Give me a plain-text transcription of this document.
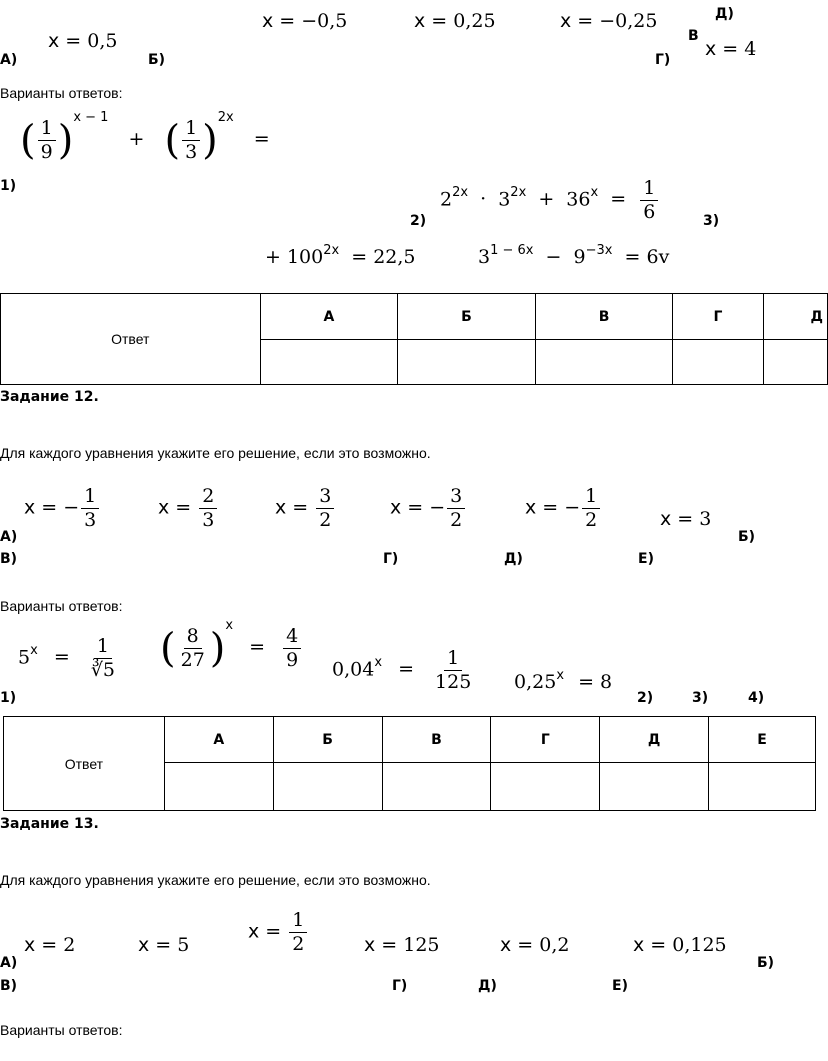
x = 0,5
x = −0,5	x = 0,25	x = −0,25
x = 4
А)	Б)
В
Г)
Д)
Варианты ответов:
( $\frac{1}{9} )^{x - 1}$ + ( $\frac{1}{3} )^{2x}$ =
1)
$2^{2x} \cdot 3^{2x} + 36^x = \frac{1}{6}$
2)	3)
+ $100^{2x} = 22,5$	$3^{1 - 6x} - 9^{-3x} = 6v$
Ответ	А	Б	В	Г	Д

Задание 12.
Для каждого уравнения укажите его решение, если это возможно.
x = − $\frac{1}{3}$	$x = \frac{2}{3}$	$x = \frac{3}{2}$	x = − $\frac{3}{2}$	x = − $\frac{1}{2}$	x = 3
А)	Б)
В)	Г)	Д)	Е)
Варианты ответов:
$5^x = \frac{1}{∛5}$ ( $\frac{8}{27} )^x = \frac{4}{9} 0,04^x = \frac{1}{125} 0,25^x = 8$
1)	2)	3)	4)
Ответ	А	Б	В	Г	Д	Е

Задание 13.
Для каждого уравнения укажите его решение, если это возможно.
x = 2	x = 5
$x = \frac{1}{2}$	x = 125	x = 0,2	x = 0,125
А)	Б)
В)	Г)	Д)	Е)
Варианты ответов:
